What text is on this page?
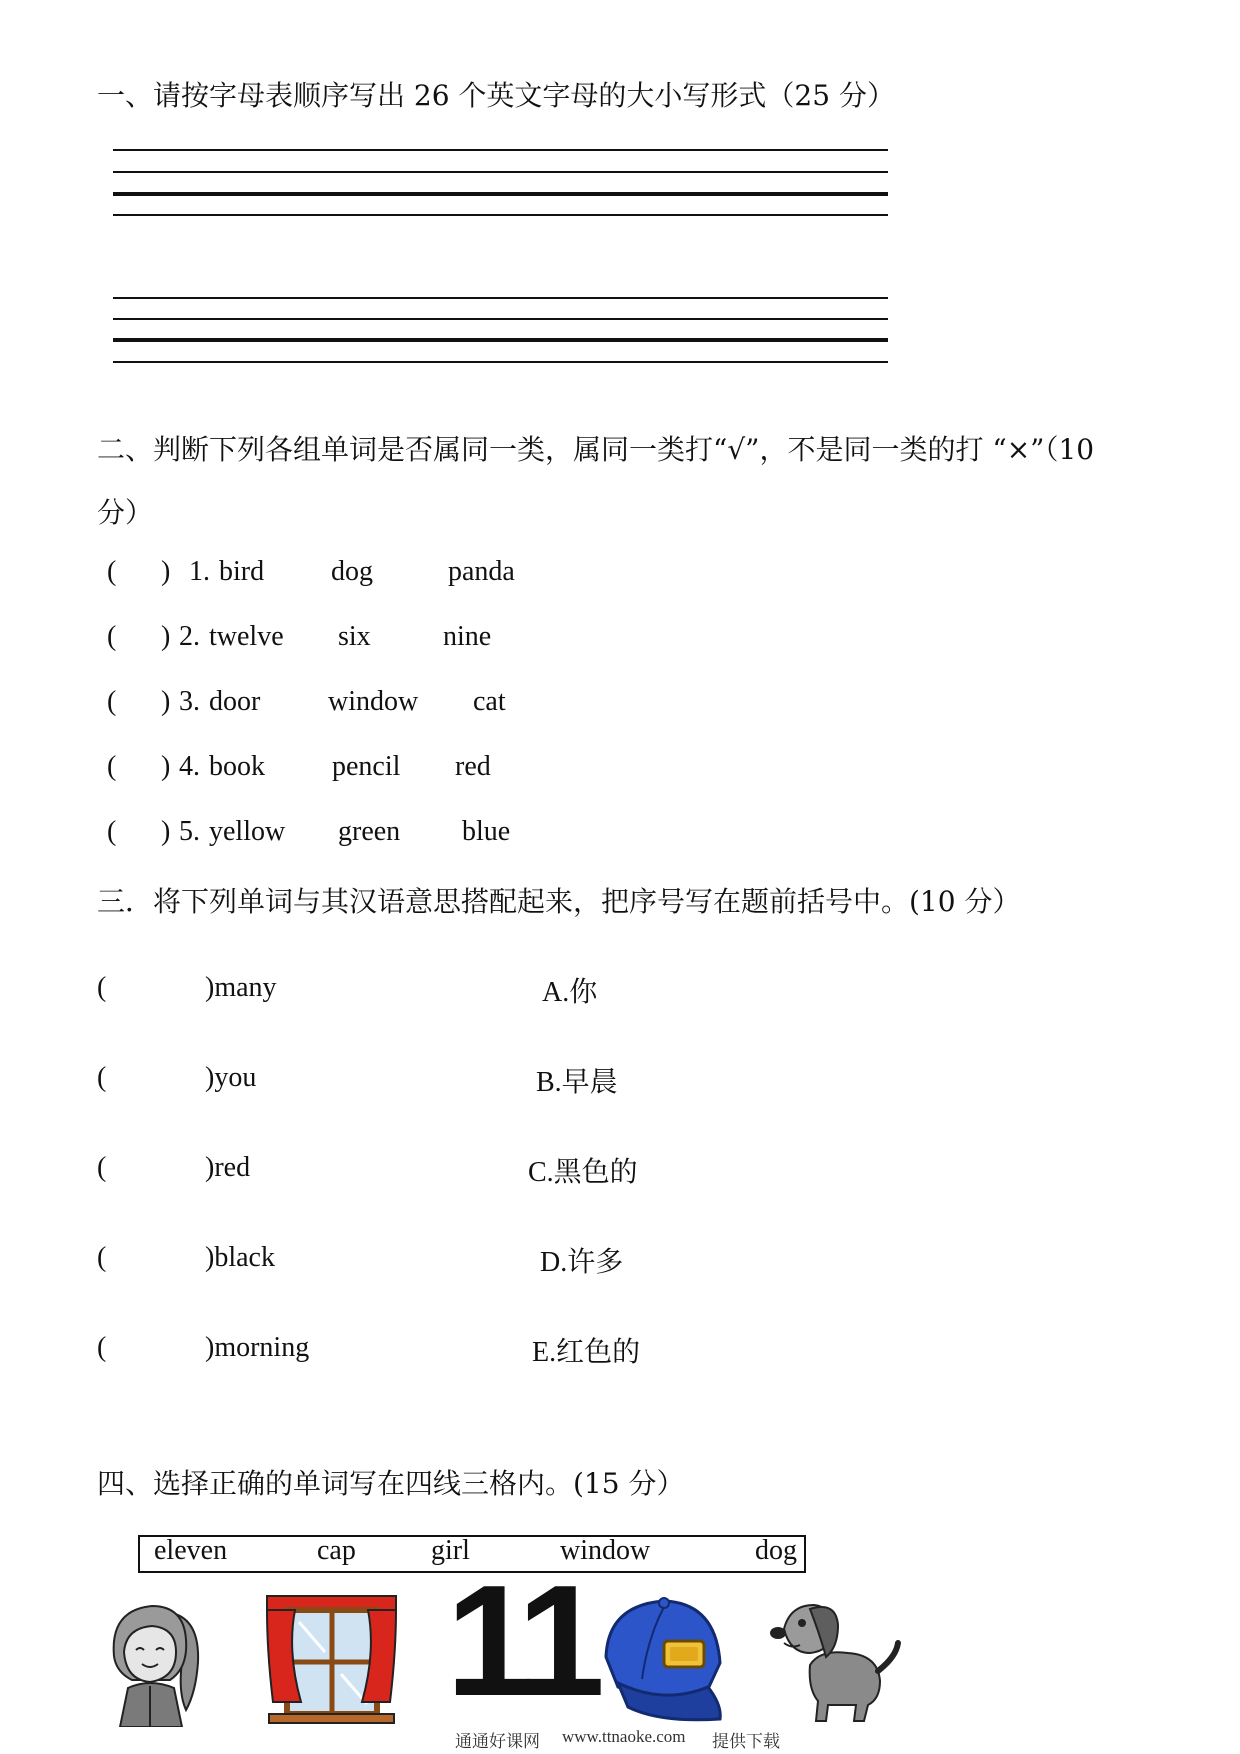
一、请按字母表顺序写出 26 个英文字母的大小写形式（25 分）
二、判断下列各组单词是否属同一类，属同一类打“√”，不是同一类的打 “×”（10
分）
( ) 1. bird dog	panda
( ) 2. twelve six	nine
( ) 3. door window cat
( ) 4. book pencil red
( ) 5. yellow green blue
三．将下列单词与其汉语意思搭配起来，把序号写在题前括号中。(10 分）
(	)many	A.你
(	)you	B.早晨
(	)red	C.黑色的
(	)black	D.许多
(	)morning	E.红色的
四、选择正确的单词写在四线三格内。(15 分）
eleven	cap	girl	window	dog
11
通通好课网 www.ttnaoke.com 提供下载
